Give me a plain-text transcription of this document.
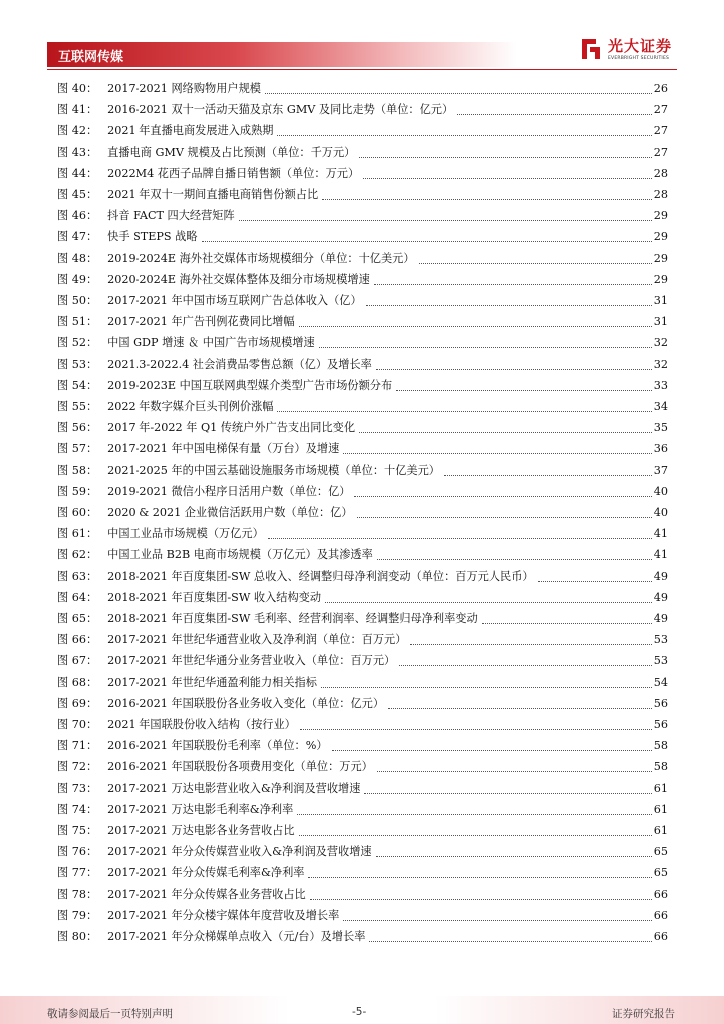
互联网传媒
光大证券
EVERBRIGHT SECURITIES
图 40： 2017-2021 网络购物用户规模	26
图 41： 2016-2021 双十一活动天猫及京东 GMV 及同比走势（单位：亿元）	27
图 42： 2021 年直播电商发展进入成熟期	27
图 43： 直播电商 GMV 规模及占比预测（单位：千万元）	27
图 44： 2022M4 花西子品牌自播日销售额（单位：万元）	28
图 45： 2021 年双十一期间直播电商销售份额占比	28
图 46： 抖音 FACT 四大经营矩阵	29
图 47： 快手 STEPS 战略	29
图 48： 2019-2024E 海外社交媒体市场规模细分（单位：十亿美元）	29
图 49： 2020-2024E 海外社交媒体整体及细分市场规模增速	29
图 50： 2017-2021 年中国市场互联网广告总体收入（亿）	31
图 51： 2017-2021 年广告刊例花费同比增幅	31
图 52： 中国 GDP 增速 ＆ 中国广告市场规模增速	32
图 53： 2021.3-2022.4 社会消费品零售总额（亿）及增长率	32
图 54： 2019-2023E 中国互联网典型媒介类型广告市场份额分布	33
图 55： 2022 年数字媒介巨头刊例价涨幅	34
图 56： 2017 年-2022 年 Q1 传统户外广告支出同比变化	35
图 57： 2017-2021 年中国电梯保有量（万台）及增速	36
图 58： 2021-2025 年的中国云基础设施服务市场规模（单位：十亿美元）	37
图 59： 2019-2021 微信小程序日活用户数（单位：亿）	40
图 60： 2020 & 2021 企业微信活跃用户数（单位：亿）	40
图 61： 中国工业品市场规模（万亿元）	41
图 62： 中国工业品 B2B 电商市场规模（万亿元）及其渗透率	41
图 63： 2018-2021 年百度集团-SW 总收入、经调整归母净利润变动（单位：百万元人民币）	49
图 64： 2018-2021 年百度集团-SW 收入结构变动	49
图 65： 2018-2021 年百度集团-SW 毛利率、经营利润率、经调整归母净利率变动	49
图 66： 2017-2021 年世纪华通营业收入及净利润（单位：百万元）	53
图 67： 2017-2021 年世纪华通分业务营业收入（单位：百万元）	53
图 68： 2017-2021 年世纪华通盈利能力相关指标	54
图 69： 2016-2021 年国联股份各业务收入变化（单位：亿元）	56
图 70： 2021 年国联股份收入结构（按行业）	56
图 71： 2016-2021 年国联股份毛利率（单位：%）	58
图 72： 2016-2021 年国联股份各项费用变化（单位：万元）	58
图 73： 2017-2021 万达电影营业收入&净利润及营收增速	61
图 74： 2017-2021 万达电影毛利率&净利率	61
图 75： 2017-2021 万达电影各业务营收占比	61
图 76： 2017-2021 年分众传媒营业收入&净利润及营收增速	65
图 77： 2017-2021 年分众传媒毛利率&净利率	65
图 78： 2017-2021 年分众传媒各业务营收占比	66
图 79： 2017-2021 年分众楼宇媒体年度营收及增长率	66
图 80： 2017-2021 年分众梯媒单点收入（元/台）及增长率	66
敬请参阅最后一页特别声明	-5-	证券研究报告
